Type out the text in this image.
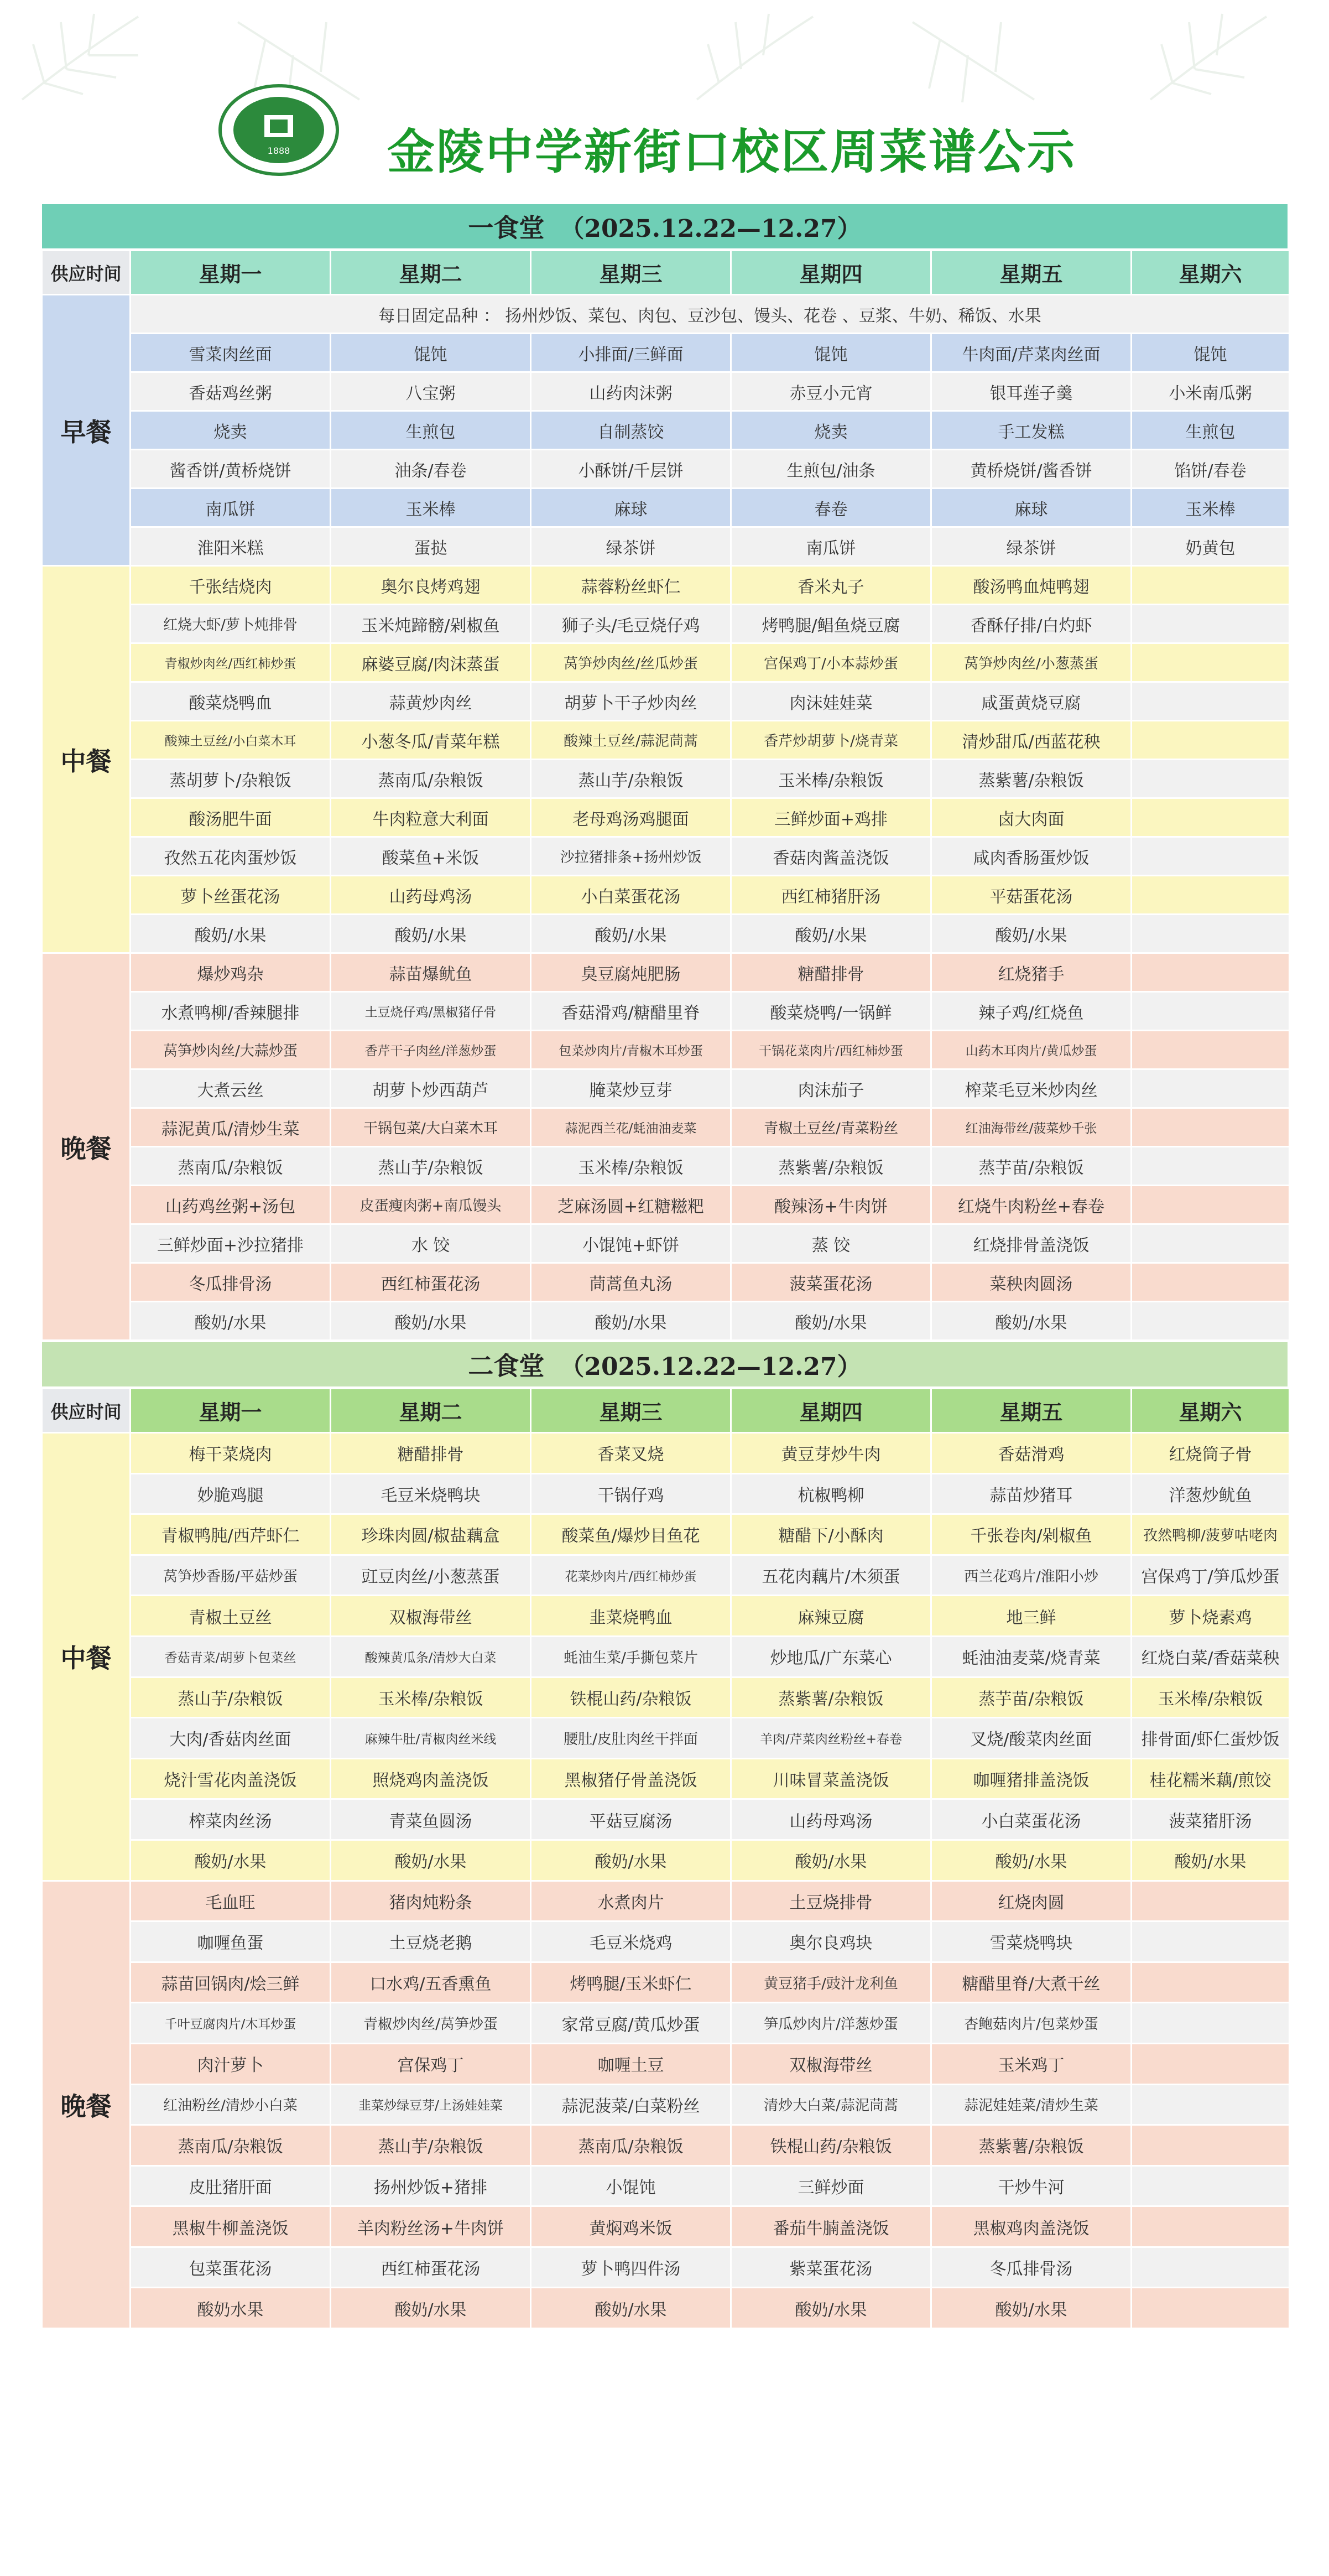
1888 金陵中学新街口校区周菜谱公示
一食堂 （2025.12.22—12.27）
供应时间	星期一	星期二	星期三	星期四	星期五	星期六
早餐	每日固定品种 ： 扬州炒饭、菜包、肉包、豆沙包、馒头、花卷 、豆浆、牛奶、稀饭、水果					
	雪菜肉丝面	馄饨	小排面/三鲜面	馄饨	牛肉面/芹菜肉丝面	馄饨
	香菇鸡丝粥	八宝粥	山药肉沫粥	赤豆小元宵	银耳莲子羹	小米南瓜粥
	烧卖	生煎包	自制蒸饺	烧卖	手工发糕	生煎包
	酱香饼/黄桥烧饼	油条/春卷	小酥饼/千层饼	生煎包/油条	黄桥烧饼/酱香饼	馅饼/春卷
	南瓜饼	玉米棒	麻球	春卷	麻球	玉米棒
	淮阳米糕	蛋挞	绿茶饼	南瓜饼	绿茶饼	奶黄包
中餐	千张结烧肉	奥尔良烤鸡翅	蒜蓉粉丝虾仁	香米丸子	酸汤鸭血炖鸭翅	
	红烧大虾/萝卜炖排骨	玉米炖蹄髈/剁椒鱼	狮子头/毛豆烧仔鸡	烤鸭腿/鲳鱼烧豆腐	香酥仔排/白灼虾	
	青椒炒肉丝/西红柿炒蛋	麻婆豆腐/肉沫蒸蛋	莴笋炒肉丝/丝瓜炒蛋	宫保鸡丁/小本蒜炒蛋	莴笋炒肉丝/小葱蒸蛋	
	酸菜烧鸭血	蒜黄炒肉丝	胡萝卜干子炒肉丝	肉沫娃娃菜	咸蛋黄烧豆腐	
	酸辣土豆丝/小白菜木耳	小葱冬瓜/青菜年糕	酸辣土豆丝/蒜泥茼蒿	香芹炒胡萝卜/烧青菜	清炒甜瓜/西蓝花秧	
	蒸胡萝卜/杂粮饭	蒸南瓜/杂粮饭	蒸山芋/杂粮饭	玉米棒/杂粮饭	蒸紫薯/杂粮饭	
	酸汤肥牛面	牛肉粒意大利面	老母鸡汤鸡腿面	三鲜炒面+鸡排	卤大肉面	
	孜然五花肉蛋炒饭	酸菜鱼+米饭	沙拉猪排条+扬州炒饭	香菇肉酱盖浇饭	咸肉香肠蛋炒饭	
	萝卜丝蛋花汤	山药母鸡汤	小白菜蛋花汤	西红柿猪肝汤	平菇蛋花汤	
	酸奶/水果	酸奶/水果	酸奶/水果	酸奶/水果	酸奶/水果	
晚餐	爆炒鸡杂	蒜苗爆鱿鱼	臭豆腐炖肥肠	糖醋排骨	红烧猪手	
	水煮鸭柳/香辣腿排	土豆烧仔鸡/黑椒猪仔骨	香菇滑鸡/糖醋里脊	酸菜烧鸭/一锅鲜	辣子鸡/红烧鱼	
	莴笋炒肉丝/大蒜炒蛋	香芹干子肉丝/洋葱炒蛋	包菜炒肉片/青椒木耳炒蛋	干锅花菜肉片/西红柿炒蛋	山药木耳肉片/黄瓜炒蛋	
	大煮云丝	胡萝卜炒西葫芦	腌菜炒豆芽	肉沫茄子	榨菜毛豆米炒肉丝	
	蒜泥黄瓜/清炒生菜	干锅包菜/大白菜木耳	蒜泥西兰花/蚝油油麦菜	青椒土豆丝/青菜粉丝	红油海带丝/菠菜炒千张	
	蒸南瓜/杂粮饭	蒸山芋/杂粮饭	玉米棒/杂粮饭	蒸紫薯/杂粮饭	蒸芋苗/杂粮饭	
	山药鸡丝粥+汤包	皮蛋瘦肉粥+南瓜馒头	芝麻汤圆+红糖糍粑	酸辣汤+牛肉饼	红烧牛肉粉丝+春卷	
	三鲜炒面+沙拉猪排	水 饺	小馄饨+虾饼	蒸 饺	红烧排骨盖浇饭	
	冬瓜排骨汤	西红柿蛋花汤	茼蒿鱼丸汤	菠菜蛋花汤	菜秧肉圆汤	
	酸奶/水果	酸奶/水果	酸奶/水果	酸奶/水果	酸奶/水果	
二食堂 （2025.12.22—12.27）
供应时间	星期一	星期二	星期三	星期四	星期五	星期六
中餐	梅干菜烧肉	糖醋排骨	香菜叉烧	黄豆芽炒牛肉	香菇滑鸡	红烧筒子骨
	妙脆鸡腿	毛豆米烧鸭块	干锅仔鸡	杭椒鸭柳	蒜苗炒猪耳	洋葱炒鱿鱼
	青椒鸭肫/西芹虾仁	珍珠肉圆/椒盐藕盒	酸菜鱼/爆炒目鱼花	糖醋下/小酥肉	千张卷肉/剁椒鱼	孜然鸭柳/菠萝咕咾肉
	莴笋炒香肠/平菇炒蛋	豇豆肉丝/小葱蒸蛋	花菜炒肉片/西红柿炒蛋	五花肉藕片/木须蛋	西兰花鸡片/淮阳小炒	宫保鸡丁/笋瓜炒蛋
	青椒土豆丝	双椒海带丝	韭菜烧鸭血	麻辣豆腐	地三鲜	萝卜烧素鸡
	香菇青菜/胡萝卜包菜丝	酸辣黄瓜条/清炒大白菜	蚝油生菜/手撕包菜片	炒地瓜/广东菜心	蚝油油麦菜/烧青菜	红烧白菜/香菇菜秧
	蒸山芋/杂粮饭	玉米棒/杂粮饭	铁棍山药/杂粮饭	蒸紫薯/杂粮饭	蒸芋苗/杂粮饭	玉米棒/杂粮饭
	大肉/香菇肉丝面	麻辣牛肚/青椒肉丝米线	腰肚/皮肚肉丝干拌面	羊肉/芹菜肉丝粉丝+春卷	叉烧/酸菜肉丝面	排骨面/虾仁蛋炒饭
	烧汁雪花肉盖浇饭	照烧鸡肉盖浇饭	黑椒猪仔骨盖浇饭	川味冒菜盖浇饭	咖喱猪排盖浇饭	桂花糯米藕/煎饺
	榨菜肉丝汤	青菜鱼圆汤	平菇豆腐汤	山药母鸡汤	小白菜蛋花汤	菠菜猪肝汤
	酸奶/水果	酸奶/水果	酸奶/水果	酸奶/水果	酸奶/水果	酸奶/水果
晚餐	毛血旺	猪肉炖粉条	水煮肉片	土豆烧排骨	红烧肉圆	
	咖喱鱼蛋	土豆烧老鹅	毛豆米烧鸡	奥尔良鸡块	雪菜烧鸭块	
	蒜苗回锅肉/烩三鲜	口水鸡/五香熏鱼	烤鸭腿/玉米虾仁	黄豆猪手/豉汁龙利鱼	糖醋里脊/大煮干丝	
	千叶豆腐肉片/木耳炒蛋	青椒炒肉丝/莴笋炒蛋	家常豆腐/黄瓜炒蛋	笋瓜炒肉片/洋葱炒蛋	杏鲍菇肉片/包菜炒蛋	
	肉汁萝卜	宫保鸡丁	咖喱土豆	双椒海带丝	玉米鸡丁	
	红油粉丝/清炒小白菜	韭菜炒绿豆芽/上汤娃娃菜	蒜泥菠菜/白菜粉丝	清炒大白菜/蒜泥茼蒿	蒜泥娃娃菜/清炒生菜	
	蒸南瓜/杂粮饭	蒸山芋/杂粮饭	蒸南瓜/杂粮饭	铁棍山药/杂粮饭	蒸紫薯/杂粮饭	
	皮肚猪肝面	扬州炒饭+猪排	小馄饨	三鲜炒面	干炒牛河	
	黑椒牛柳盖浇饭	羊肉粉丝汤+牛肉饼	黄焖鸡米饭	番茄牛腩盖浇饭	黑椒鸡肉盖浇饭	
	包菜蛋花汤	西红柿蛋花汤	萝卜鸭四件汤	紫菜蛋花汤	冬瓜排骨汤	
	酸奶水果	酸奶/水果	酸奶/水果	酸奶/水果	酸奶/水果	
